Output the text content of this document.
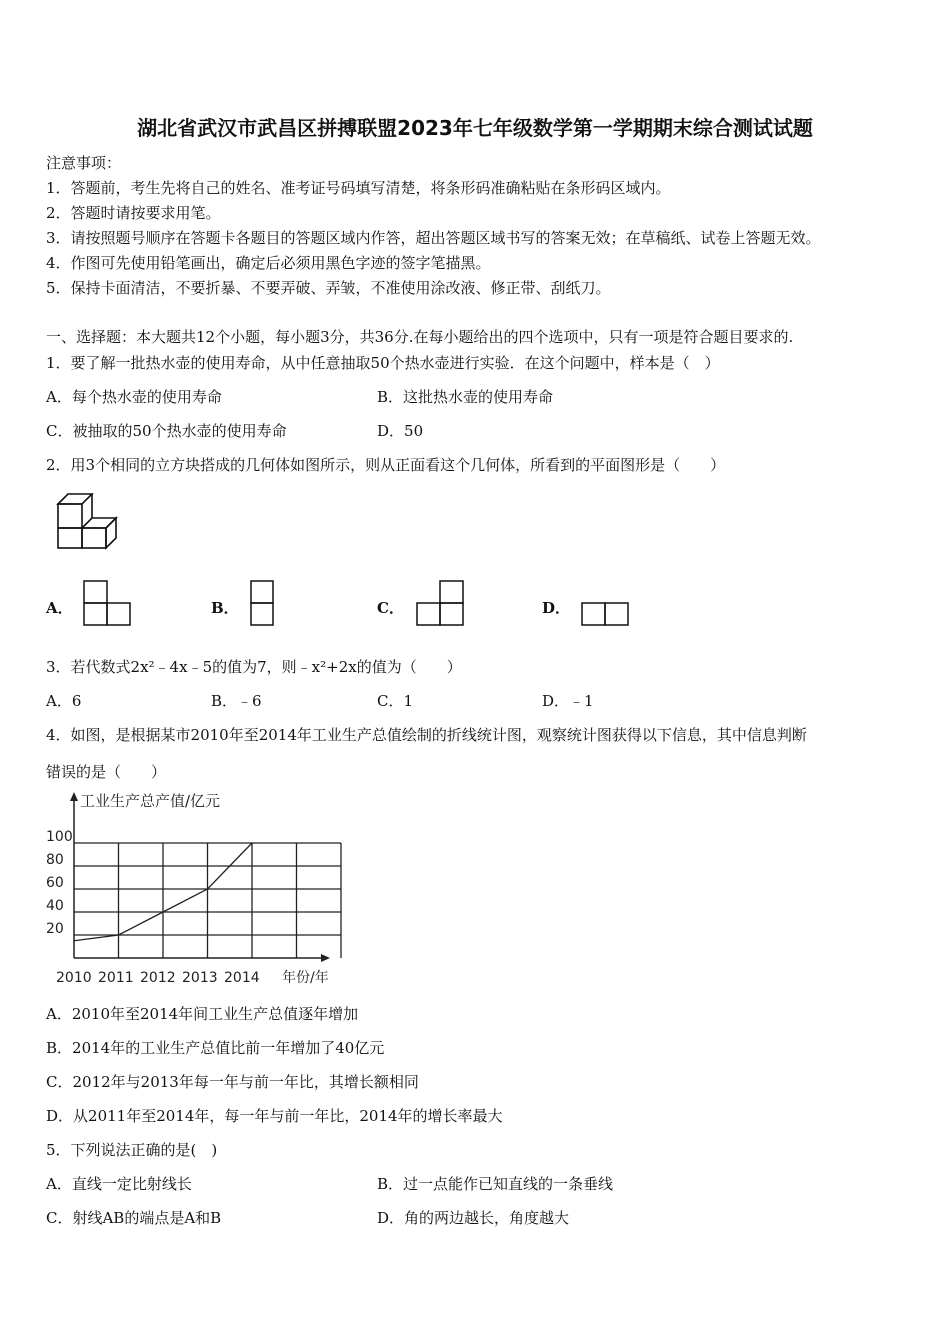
湖北省武汉市武昌区拼搏联盟2023年七年级数学第一学期期末综合测试试题
注意事项：
1．答题前，考生先将自己的姓名、准考证号码填写清楚，将条形码准确粘贴在条形码区域内。
2．答题时请按要求用笔。
3．请按照题号顺序在答题卡各题目的答题区域内作答，超出答题区域书写的答案无效；在草稿纸、试卷上答题无效。
4．作图可先使用铅笔画出，确定后必须用黑色字迹的签字笔描黑。
5．保持卡面清洁，不要折暴、不要弄破、弄皱，不准使用涂改液、修正带、刮纸刀。
一、选择题：本大题共12个小题，每小题3分，共36分.在每小题给出的四个选项中，只有一项是符合题目要求的.
1．要了解一批热水壶的使用寿命，从中任意抽取50个热水壶进行实验．在这个问题中，样本是（　）
A．每个热水壶的使用寿命	B．这批热水壶的使用寿命
C．被抽取的50个热水壶的使用寿命	D．50
2．用3个相同的立方块搭成的几何体如图所示，则从正面看这个几何体，所看到的平面图形是（　　）
A．	B．	C．	D．
3．若代数式2x²﹣4x﹣5的值为7，则﹣x²+2x的值为（　　）
A．6	B．﹣6	C．1	D．﹣1
4．如图，是根据某市2010年至2014年工业生产总值绘制的折线统计图，观察统计图获得以下信息，其中信息判断
错误的是（　　）
工业生产总产值/亿元
20
40
60
80
100
2010 2011 2012 2013 2014 年份/年
A．2010年至2014年间工业生产总值逐年增加
B．2014年的工业生产总值比前一年增加了40亿元
C．2012年与2013年每一年与前一年比，其增长额相同
D．从2011年至2014年，每一年与前一年比，2014年的增长率最大
5．下列说法正确的是(　)
A．直线一定比射线长	B．过一点能作已知直线的一条垂线
C．射线AB的端点是A和B	D．角的两边越长，角度越大
